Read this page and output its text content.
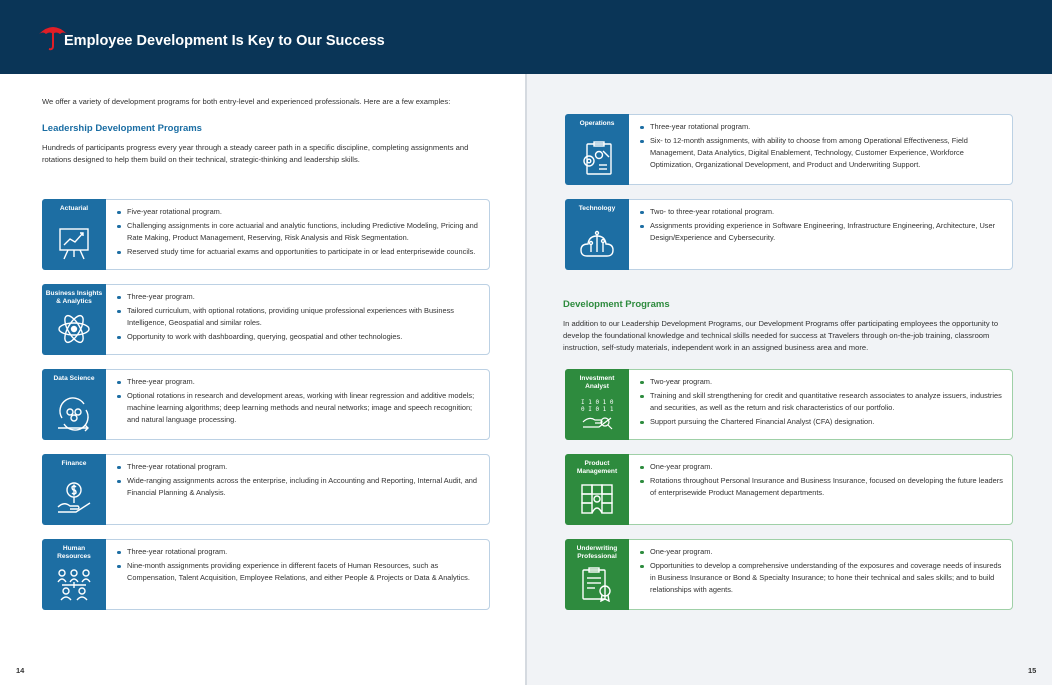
Employee Development Is Key to Our Success
We offer a variety of development programs for both entry-level and experienced professionals. Here are a few examples:
Leadership Development Programs
Hundreds of participants progress every year through a steady career path in a specific discipline, completing assignments and rotations designed to help them build on their technical, strategic-thinking and leadership skills.
Actuarial	Five-year rotational program.
Challenging assignments in core actuarial and analytic functions, including Predictive Modeling, Pricing and Rate Making, Product Management, Reserving, Risk Analysis and Risk Segmentation.
Reserved study time for actuarial exams and opportunities to participate in or lead enterprisewide councils.
Business Insights
& Analytics
Three-year program.
Tailored curriculum, with optional rotations, providing unique professional experiences with Business Intelligence, Geospatial and similar roles.
Opportunity to work with dashboarding, querying, geospatial and other technologies.
Data Science	Three-year program.
Optional rotations in research and development areas, working with linear regression and additive models; machine learning algorithms; deep learning methods and neural networks; image and speech recognition; and natural language processing.
Finance	Three-year rotational program.
Wide-ranging assignments across the enterprise, including in Accounting and Reporting, Internal Audit, and Financial Planning & Analysis.
Human
Resources
Three-year rotational program.
Nine-month assignments providing experience in different facets of Human Resources, such as Compensation, Talent Acquisition, Employee Relations, and either People & Projects or Data & Analytics.
14
Operations	Three-year rotational program.
Six- to 12-month assignments, with ability to choose from among Operational Effectiveness, Field Management, Data Analytics, Digital Enablement, Technology, Customer Experience, Workforce Optimization, Organizational Development, and Product and Underwriting Support.
Technology	Two- to three-year rotational program.
Assignments providing experience in Software Engineering, Infrastructure Engineering, Architecture, User Design/Experience and Cybersecurity.
Development Programs
In addition to our Leadership Development Programs, our Development Programs offer participating employees the opportunity to develop the foundational knowledge and technical skills needed for success at Travelers through on-the-job training, classroom instruction, self-study materials, independent work in an assigned business area and more.
Investment
Analyst
I 1 0 1 0
0 I 0 1 1
Two-year program.
Training and skill strengthening for credit and quantitative research associates to analyze issuers, industries and securities, as well as the return and risk characteristics of our portfolio.
Support pursuing the Chartered Financial Analyst (CFA) designation.
Product
Management
One-year program.
Rotations throughout Personal Insurance and Business Insurance, focused on developing the future leaders of enterprisewide Product Management departments.
Underwriting
Professional
One-year program.
Opportunities to develop a comprehensive understanding of the exposures and coverage needs of insureds in Business Insurance or Bond & Specialty Insurance; to hone their technical and sales skills; and to build relationships with agents.
15
